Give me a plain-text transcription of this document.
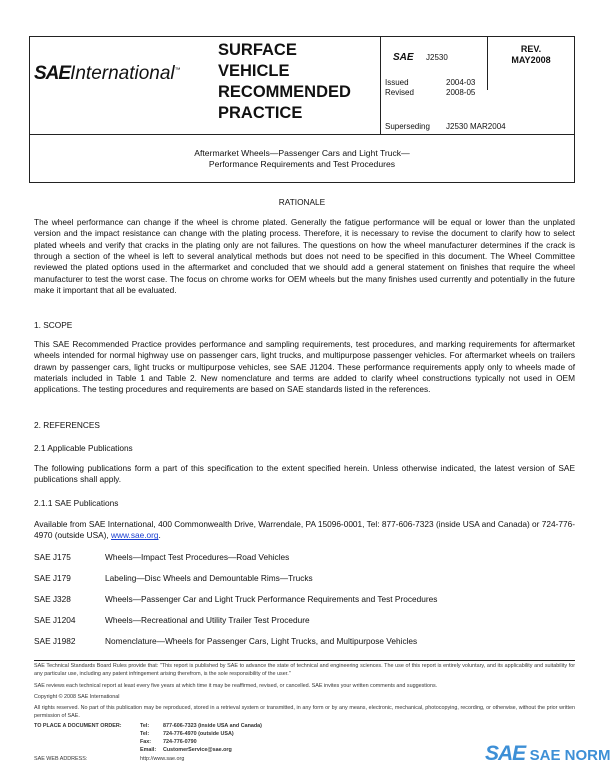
SAEInternational™
SURFACE
VEHICLE
RECOMMENDED
PRACTICE
SAE J2530
REV.
MAY2008
Issued	2004-03
Revised	2008-05
Superseding J2530 MAR2004
Aftermarket Wheels—Passenger Cars and Light Truck—
Performance Requirements and Test Procedures
RATIONALE
The wheel performance can change if the wheel is chrome plated. Generally the fatigue performance will be equal or lower than the unplated version and the impact resistance can change with the plating process. Therefore, it is necessary to revise the document to clarify how to select plated wheels and verify that cracks in the plating only are not failures. The questions on how the wheel manufacturer determines if the crack is through a section of the wheel is left to several analytical methods but does not need to be specified in this document. The Wheel Committee reviewed the plated options used in the aftermarket and concluded that we should add a general statement on finishes that require the wheel manufacturer to test the worst case. The focus on chrome works for OEM wheels but the many finishes used currently and potentially in the future make it important that all be evaluated.
1. SCOPE
This SAE Recommended Practice provides performance and sampling requirements, test procedures, and marking requirements for aftermarket wheels intended for normal highway use on passenger cars, light trucks, and multipurpose passenger vehicles. For aftermarket wheels on trailers drawn by passenger cars, light trucks or multipurpose vehicles, see SAE J1204. These performance requirements apply only to wheels made of materials included in Table 1 and Table 2. New nomenclature and terms are added to clarify wheel constructions typically not used in OEM applications. The testing procedures and requirements are based on SAE standards listed in the references.
2. REFERENCES
2.1 Applicable Publications
The following publications form a part of this specification to the extent specified herein. Unless otherwise indicated, the latest version of SAE publications shall apply.
2.1.1 SAE Publications
Available from SAE International, 400 Commonwealth Drive, Warrendale, PA 15096-0001, Tel: 877-606-7323 (inside USA and Canada) or 724-776-4970 (outside USA), www.sae.org.
SAE J175	Wheels—Impact Test Procedures—Road Vehicles
SAE J179	Labeling—Disc Wheels and Demountable Rims—Trucks
SAE J328	Wheels—Passenger Car and Light Truck Performance Requirements and Test Procedures
SAE J1204	Wheels—Recreational and Utility Trailer Test Procedure
SAE J1982	Nomenclature—Wheels for Passenger Cars, Light Trucks, and Multipurpose Vehicles
SAE Technical Standards Board Rules provide that: "This report is published by SAE to advance the state of technical and engineering sciences. The use of this report is entirely voluntary, and its applicability and suitability for any particular use, including any patent infringement arising therefrom, is the sole responsibility of the user."
SAE reviews each technical report at least every five years at which time it may be reaffirmed, revised, or cancelled. SAE invites your written comments and suggestions.
Copyright © 2008 SAE International
All rights reserved. No part of this publication may be reproduced, stored in a retrieval system or transmitted, in any form or by any means, electronic, mechanical, photocopying, recording, or otherwise, without the prior written permission of SAE.
TO PLACE A DOCUMENT ORDER:	Tel:	877-606-7323 (inside USA and Canada)
Tel:	724-776-4970 (outside USA)
Fax: 724-776-0790
Email: CustomerService@sae.org
SAE WEB ADDRESS:	http://www.sae.org	SAE SAE NORM
